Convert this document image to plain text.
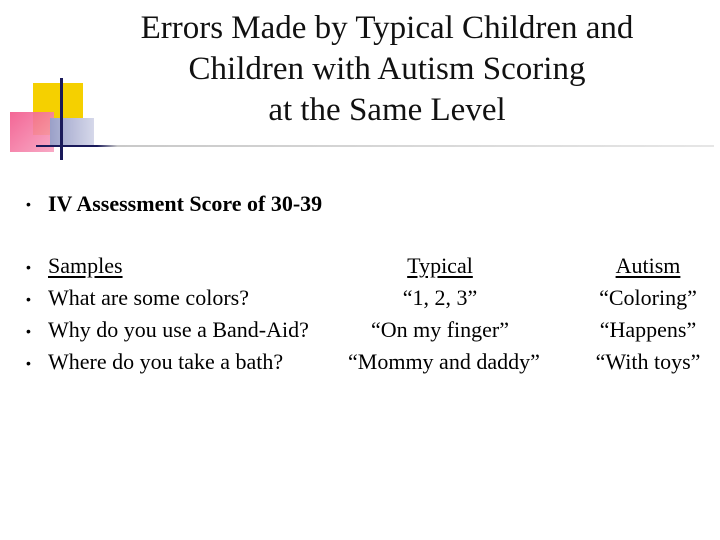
Errors Made by Typical Children and
Children with Autism Scoring
at the Same Level
• IV Assessment Score of 30-39
• Samples	Typical	Autism
• What are some colors?	“1, 2, 3”	“Coloring”
• Why do you use a Band-Aid?	“On my finger”	“Happens”
• Where do you take a bath?	“Mommy and daddy”	“With toys”
